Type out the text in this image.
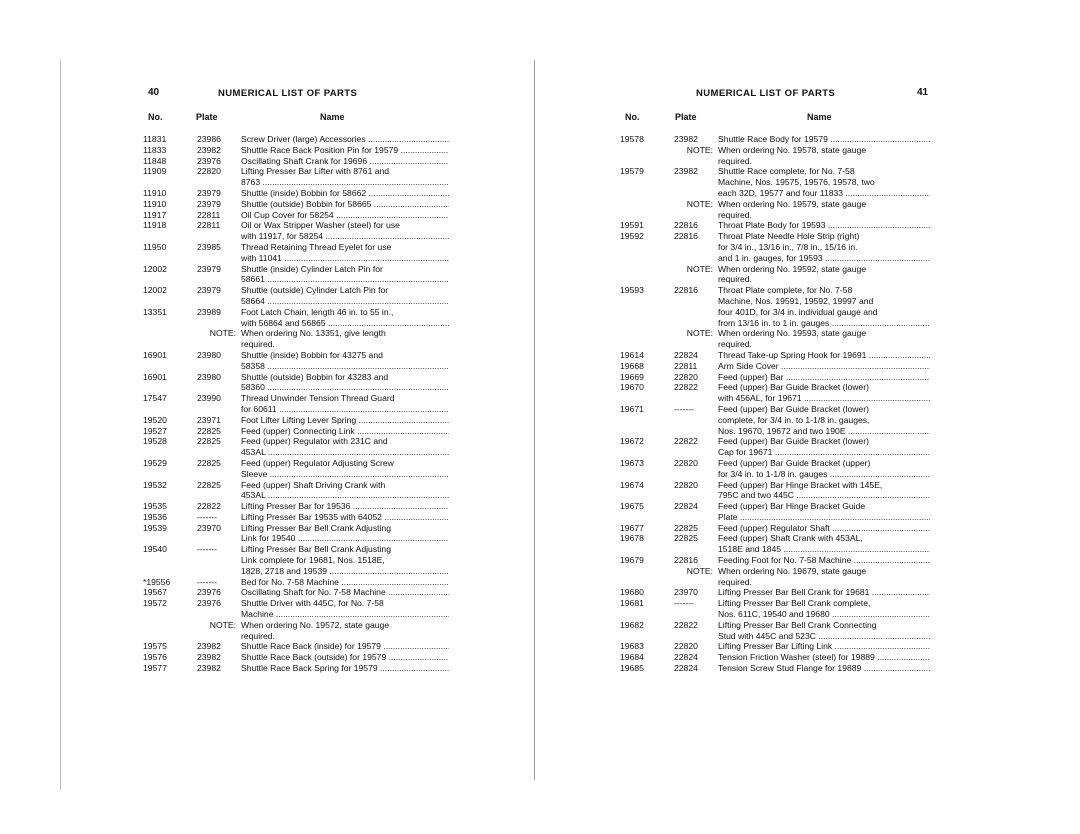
40	NUMERICAL LIST OF PARTS
No.	Plate	Name
11831	23986	Screw Driver (large) Accessories .....
11833	23982	Shuttle Race Back Position Pin for 19579 .....
11848	23976	Oscillating Shaft Crank for 19696 .....
11909	22820	Lifting Presser Bar Lifter with 8761 and
8763 .....
11910	23979	Shuttle (inside) Bobbin for 58662 .....
11910	23979	Shuttle (outside) Bobbin for 58665 .....
11917	22811	Oil Cup Cover for 58254 .....
11918	22811	Oil or Wax Stripper Washer (steel) for use
with 11917, for 58254 .....
11950	23985	Thread Retaining Thread Eyelet for use
with 11041 .....
12002	23979	Shuttle (inside) Cylinder Latch Pin for
58661 .....
12002	23979	Shuttle (outside) Cylinder Latch Pin for
58664 .....
13351	23989	Foot Latch Chain, length 46 in. to 55 in.,
with 56864 and 56865 .....
NOTE: When ordering No. 13351, give length
required.
16901	23980	Shuttle (inside) Bobbin for 43275 and
58358 .....
16901	23980	Shuttle (outside) Bobbin for 43283 and
58360 .....
17547	23990	Thread Unwinder Tension Thread Guard
for 60611 .....
19520	23971	Foot Lifter Lifting Lever Spring .....
19527	22825	Feed (upper) Connecting Link .....
19528	22825	Feed (upper) Regulator with 231C and
453AL .....
19529	22825	Feed (upper) Regulator Adjusting Screw
Sleeve .....
19532	22825	Feed (upper) Shaft Driving Crank with
453AL .....
19535	22822	Lifting Presser Bar for 19536 .....
19536	-------	Lifting Presser Bar 19535 with 64052 .....
19539	23970	Lifting Presser Bar Bell Crank Adjusting
Link for 19540 .....
19540	-------	Lifting Presser Bar Bell Crank Adjusting
Link complete for 19681, Nos. 1518E,
1828, 2718 and 19539 .....
*19556	-------	Bed for No. 7-58 Machine .....
19567	23976	Oscillating Shaft for No. 7-58 Machine .....
19572	23976	Shuttle Driver with 445C, for No. 7-58
Machine .....
NOTE: When ordering No. 19572, state gauge
required.
19575	23982	Shuttle Race Back (inside) for 19579 .....
19576	23982	Shuttle Race Back (outside) for 19579 .....
19577	23982	Shuttle Race Back Spring for 19579 .....
NUMERICAL LIST OF PARTS	41
No.	Plate	Name
19578	23982	Shuttle Race Body for 19579 .....
NOTE: When ordering No. 19578, state gauge
required.
19579	23982	Shuttle Race complete, for No. 7-58
Machine, Nos. 19575, 19576, 19578, two
each 32D, 19577 and four 11833 .....
NOTE: When ordering No. 19579, state gauge
required.
19591	22816	Throat Plate Body for 19593 .....
19592	22816	Throat Plate Needle Hole Strip (right)
for 3/4 in., 13/16 in., 7/8 in., 15/16 in.
and 1 in. gauges, for 19593 .....
NOTE: When ordering No. 19592, state gauge
required.
19593	22816	Throat Plate complete, for No. 7-58
Machine, Nos. 19591, 19592, 19997 and
four 401D, for 3/4 in. individual gauge and
from 13/16 in. to 1 in. gauges .....
NOTE: When ordering No. 19593, state gauge
required.
19614	22824	Thread Take-up Spring Hook for 19691 .....
19668	22811	Arm Side Cover .....
19669	22820	Feed (upper) Bar .....
19670	22822	Feed (upper) Bar Guide Bracket (lower)
with 456AL, for 19671 .....
19671	-------	Feed (upper) Bar Guide Bracket (lower)
complete, for 3/4 in. to 1-1/8 in. gauges,
Nos. 19670, 19672 and two 190E .....
19672	22822	Feed (upper) Bar Guide Bracket (lower)
Cap for 19671 .....
19673	22820	Feed (upper) Bar Guide Bracket (upper)
for 3/4 in. to 1-1/8 in. gauges .....
19674	22820	Feed (upper) Bar Hinge Bracket with 145E,
795C and two 445C .....
19675	22824	Feed (upper) Bar Hinge Bracket Guide
Plate .....
19677	22825	Feed (upper) Regulator Shaft .....
19678	22825	Feed (upper) Shaft Crank with 453AL,
1518E and 1845 .....
19679	22816	Feeding Foot for No. 7-58 Machine .....
NOTE: When ordering No. 19679, state gauge
required.
19680	23970	Lifting Presser Bar Bell Crank for 19681 .....
19681	-------	Lifting Presser Bar Bell Crank complete,
Nos. 611C, 19540 and 19680 .....
19682	22822	Lifting Presser Bar Bell Crank Connecting
Stud with 445C and 523C .....
19683	22820	Lifting Presser Bar Lifting Link .....
19684	22824	Tension Friction Washer (steel) for 19889 .....
19685	22824	Tension Screw Stud Flange for 19889 .....
